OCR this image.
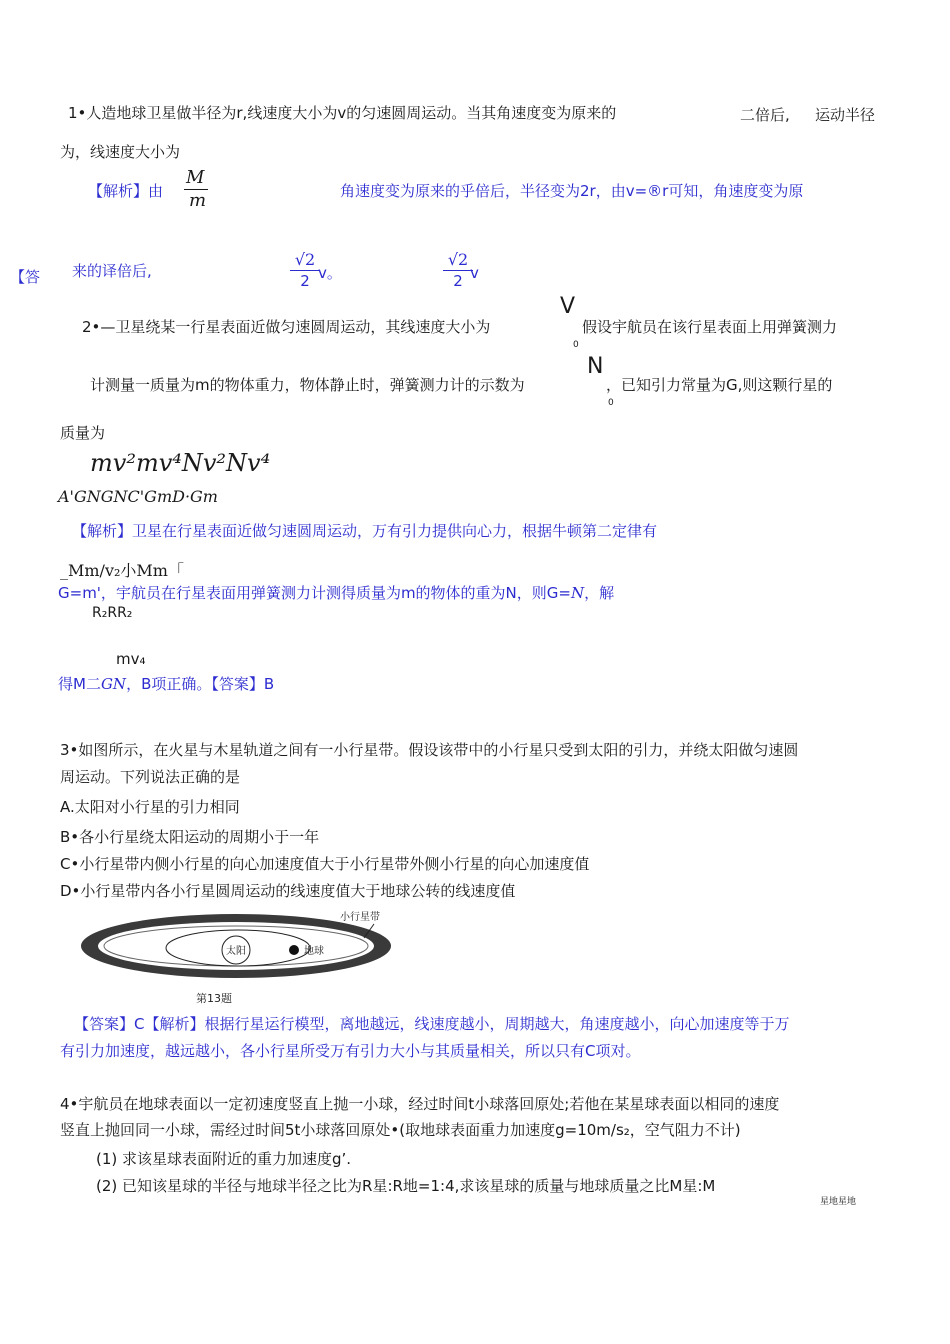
1•人造地球卫星做半径为r,线速度大小为v的匀速圆周运动。当其角速度变为原来的	二倍后, 运动半径
为，线速度大小为
【解析】由
M
m	角速度变为原来的乎倍后，半径变为2r，由v=®r可知，角速度变为原
【答 来的译倍后,
√2
2 v。
√2
2 v
2•—卫星绕某一行星表面近做匀速圆周运动，其线速度大小为
V
0
假设宇航员在该行星表面上用弹簧测力
计测量一质量为m的物体重力，物体静止时，弹簧测力计的示数为
N
0
，已知引力常量为G,则这颗行星的
质量为
mv²mv⁴Nv²Nv⁴
A'GNGNC'GmD·Gm
【解析】卫星在行星表面近做匀速圆周运动，万有引力提供向心力，根据牛顿第二定律有
_Mm/v₂小Mm「
G=m'，宇航员在行星表面用弹簧测力计测得质量为m的物体的重为N，则G=N，解
R₂RR₂
mv₄
得M二GN，B项正确。【答案】B
3•如图所示，在火星与木星轨道之间有一小行星带。假设该带中的小行星只受到太阳的引力，并绕太阳做匀速圆
周运动。下列说法正确的是
A.太阳对小行星的引力相同
B•各小行星绕太阳运动的周期小于一年
C•小行星带内侧小行星的向心加速度值大于小行星带外侧小行星的向心加速度值
D•小行星带内各小行星圆周运动的线速度值大于地球公转的线速度值
太阳	地球
小行星带
第13题
【答案】C【解析】根据行星运行模型，离地越远，线速度越小，周期越大，角速度越小，向心加速度等于万
有引力加速度，越远越小，各小行星所受万有引力大小与其质量相关，所以只有C项对。
4•宇航员在地球表面以一定初速度竖直上抛一小球，经过时间t小球落回原处;若他在某星球表面以相同的速度
竖直上抛回同一小球，需经过时间5t小球落回原处•(取地球表面重力加速度g=10m/s₂，空气阻力不计)
(1) 求该星球表面附近的重力加速度g’.
(2) 已知该星球的半径与地球半径之比为R星:R地=1:4,求该星球的质量与地球质量之比M星:M
星地星地
